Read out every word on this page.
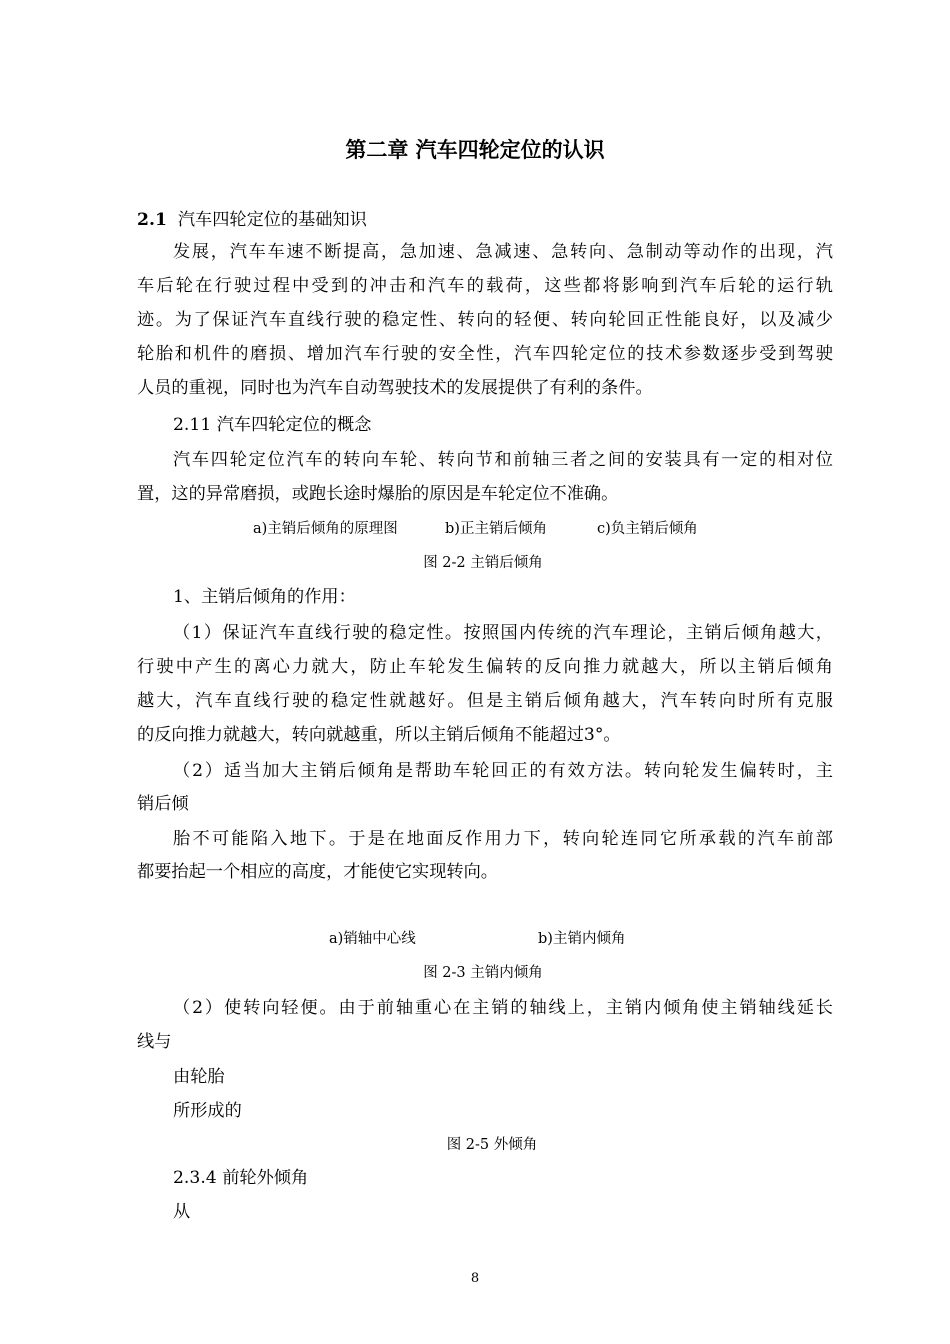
第二章 汽车四轮定位的认识
2.1 汽车四轮定位的基础知识
发展，汽车车速不断提高，急加速、急减速、急转向、急制动等动作的出现，汽
车后轮在行驶过程中受到的冲击和汽车的载荷，这些都将影响到汽车后轮的运行轨
迹。为了保证汽车直线行驶的稳定性、转向的轻便、转向轮回正性能良好，以及减少
轮胎和机件的磨损、增加汽车行驶的安全性，汽车四轮定位的技术参数逐步受到驾驶
人员的重视，同时也为汽车自动驾驶技术的发展提供了有利的条件。
2.11 汽车四轮定位的概念
汽车四轮定位汽车的转向车轮、转向节和前轴三者之间的安装具有一定的相对位
置，这的异常磨损，或跑长途时爆胎的原因是车轮定位不准确。
a)主销后倾角的原理图	b)正主销后倾角	c)负主销后倾角
图 2-2 主销后倾角
1、主销后倾角的作用：
（1）保证汽车直线行驶的稳定性。按照国内传统的汽车理论，主销后倾角越大，
行驶中产生的离心力就大，防止车轮发生偏转的反向推力就越大，所以主销后倾角
越大，汽车直线行驶的稳定性就越好。但是主销后倾角越大，汽车转向时所有克服
的反向推力就越大，转向就越重，所以主销后倾角不能超过3°。
（2）适当加大主销后倾角是帮助车轮回正的有效方法。转向轮发生偏转时，主
销后倾
胎不可能陷入地下。于是在地面反作用力下，转向轮连同它所承载的汽车前部
都要抬起一个相应的高度，才能使它实现转向。
a)销轴中心线	b)主销内倾角
图 2-3 主销内倾角
（2）使转向轻便。由于前轴重心在主销的轴线上，主销内倾角使主销轴线延长
线与
由轮胎
所形成的
图 2-5 外倾角
2.3.4 前轮外倾角
从
8
